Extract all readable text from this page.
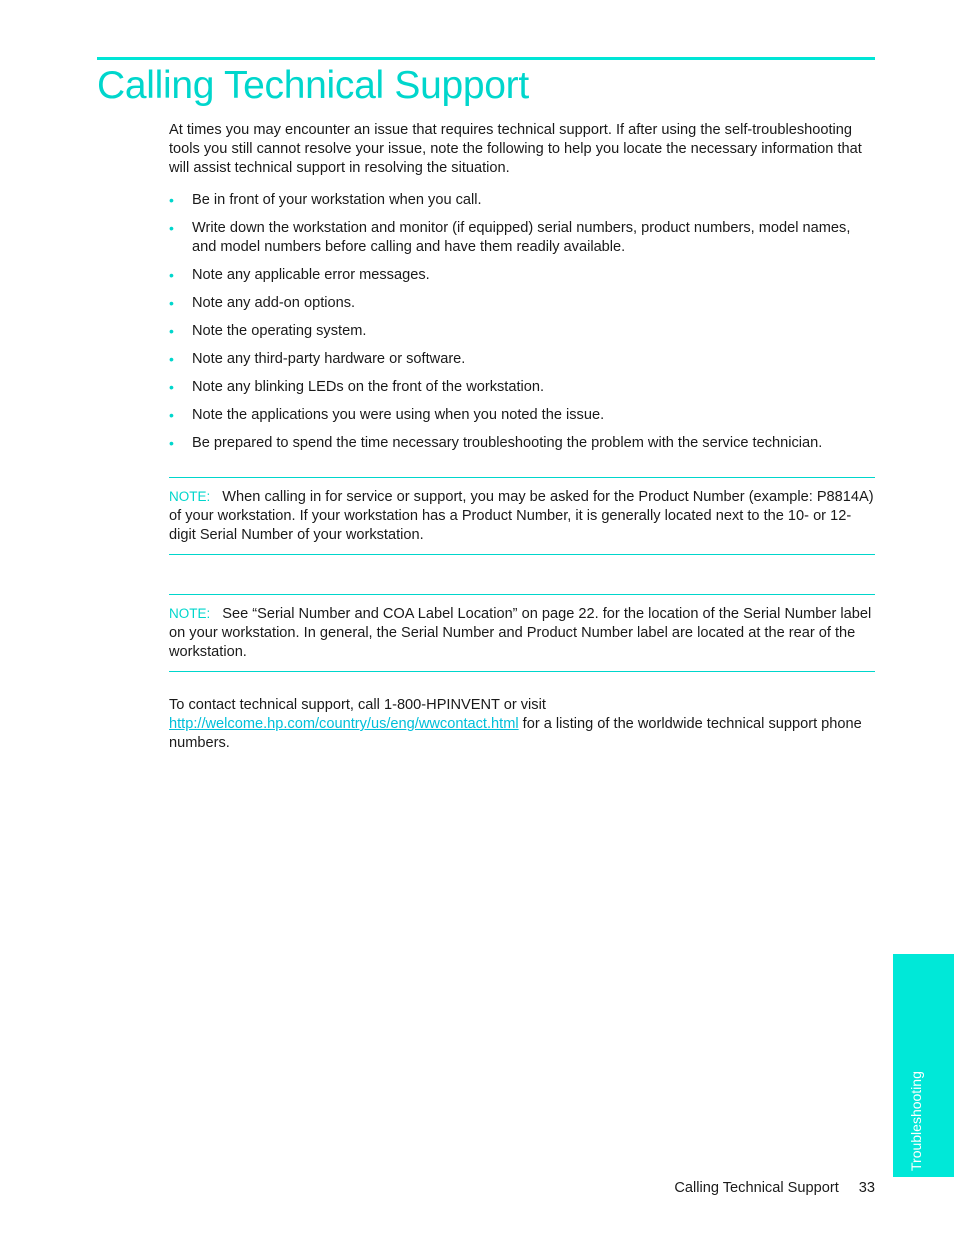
Calling Technical Support

At times you may encounter an issue that requires technical support. If after using the self-troubleshooting tools you still cannot resolve your issue, note the following to help you locate the necessary information that will assist technical support in resolving the situation.

• Be in front of your workstation when you call.
• Write down the workstation and monitor (if equipped) serial numbers, product numbers, model names, and model numbers before calling and have them readily available.
• Note any applicable error messages.
• Note any add-on options.
• Note the operating system.
• Note any third-party hardware or software.
• Note any blinking LEDs on the front of the workstation.
• Note the applications you were using when you noted the issue.
• Be prepared to spend the time necessary troubleshooting the problem with the service technician.

NOTE: When calling in for service or support, you may be asked for the Product Number (example: P8814A) of your workstation. If your workstation has a Product Number, it is generally located next to the 10- or 12-digit Serial Number of your workstation.

NOTE: See “Serial Number and COA Label Location” on page 22. for the location of the Serial Number label on your workstation. In general, the Serial Number and Product Number label are located at the rear of the workstation.

To contact technical support, call 1-800-HPINVENT or visit http://welcome.hp.com/country/us/eng/wwcontact.html for a listing of the worldwide technical support phone numbers.

Calling Technical Support 33
Troubleshooting
